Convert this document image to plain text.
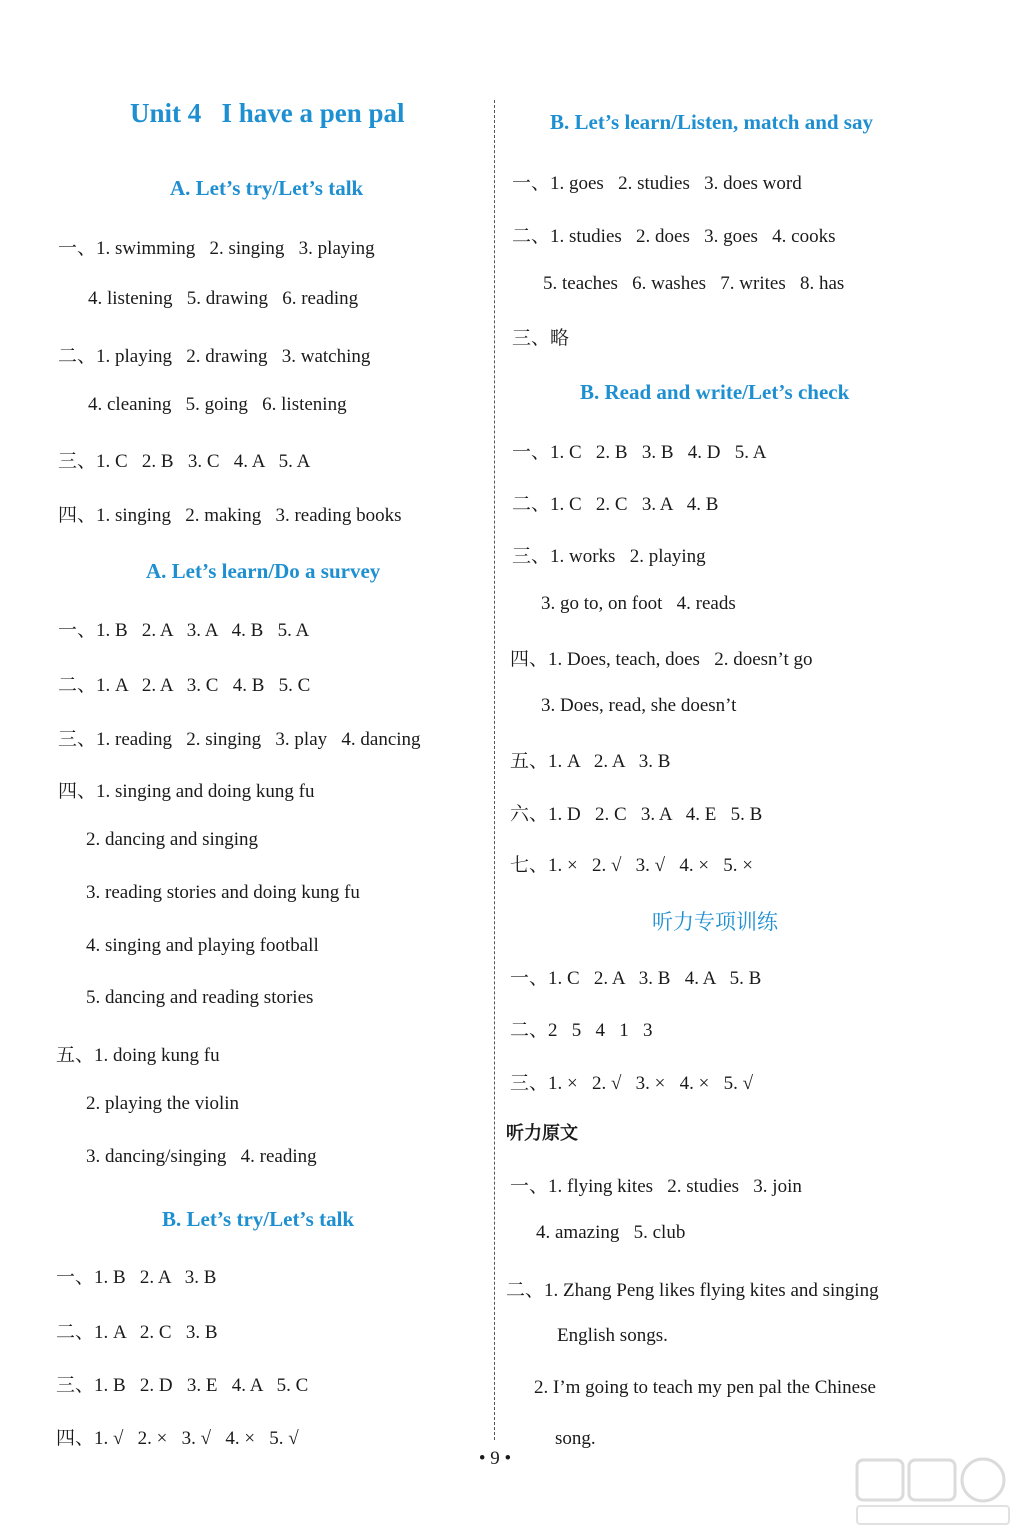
Unit 4   I have a pen pal
A. Let’s try/Let’s talk
一、1. swimming   2. singing   3. playing
4. listening   5. drawing   6. reading
二、1. playing   2. drawing   3. watching
4. cleaning   5. going   6. listening
三、1. C   2. B   3. C   4. A   5. A
四、1. singing   2. making   3. reading books
A. Let’s learn/Do a survey
一、1. B   2. A   3. A   4. B   5. A
二、1. A   2. A   3. C   4. B   5. C
三、1. reading   2. singing   3. play   4. dancing
四、1. singing and doing kung fu
2. dancing and singing
3. reading stories and doing kung fu
4. singing and playing football
5. dancing and reading stories
五、1. doing kung fu
2. playing the violin
3. dancing/singing   4. reading
B. Let’s try/Let’s talk
一、1. B   2. A   3. B
二、1. A   2. C   3. B
三、1. B   2. D   3. E   4. A   5. C
四、1. √   2. ×   3. √   4. ×   5. √
B. Let’s learn/Listen, match and say
一、1. goes   2. studies   3. does word
二、1. studies   2. does   3. goes   4. cooks
5. teaches   6. washes   7. writes   8. has
三、略
B. Read and write/Let’s check
一、1. C   2. B   3. B   4. D   5. A
二、1. C   2. C   3. A   4. B
三、1. works   2. playing
3. go to, on foot   4. reads
四、1. Does, teach, does   2. doesn’t go
3. Does, read, she doesn’t
五、1. A   2. A   3. B
六、1. D   2. C   3. A   4. E   5. B
七、1. ×   2. √   3. √   4. ×   5. ×
听力专项训练
一、1. C   2. A   3. B   4. A   5. B
二、2   5   4   1   3
三、1. ×   2. √   3. ×   4. ×   5. √
听力原文
一、1. flying kites   2. studies   3. join
4. amazing   5. club
二、1. Zhang Peng likes flying kites and singing
English songs.
2. I’m going to teach my pen pal the Chinese
song.
• 9 •
